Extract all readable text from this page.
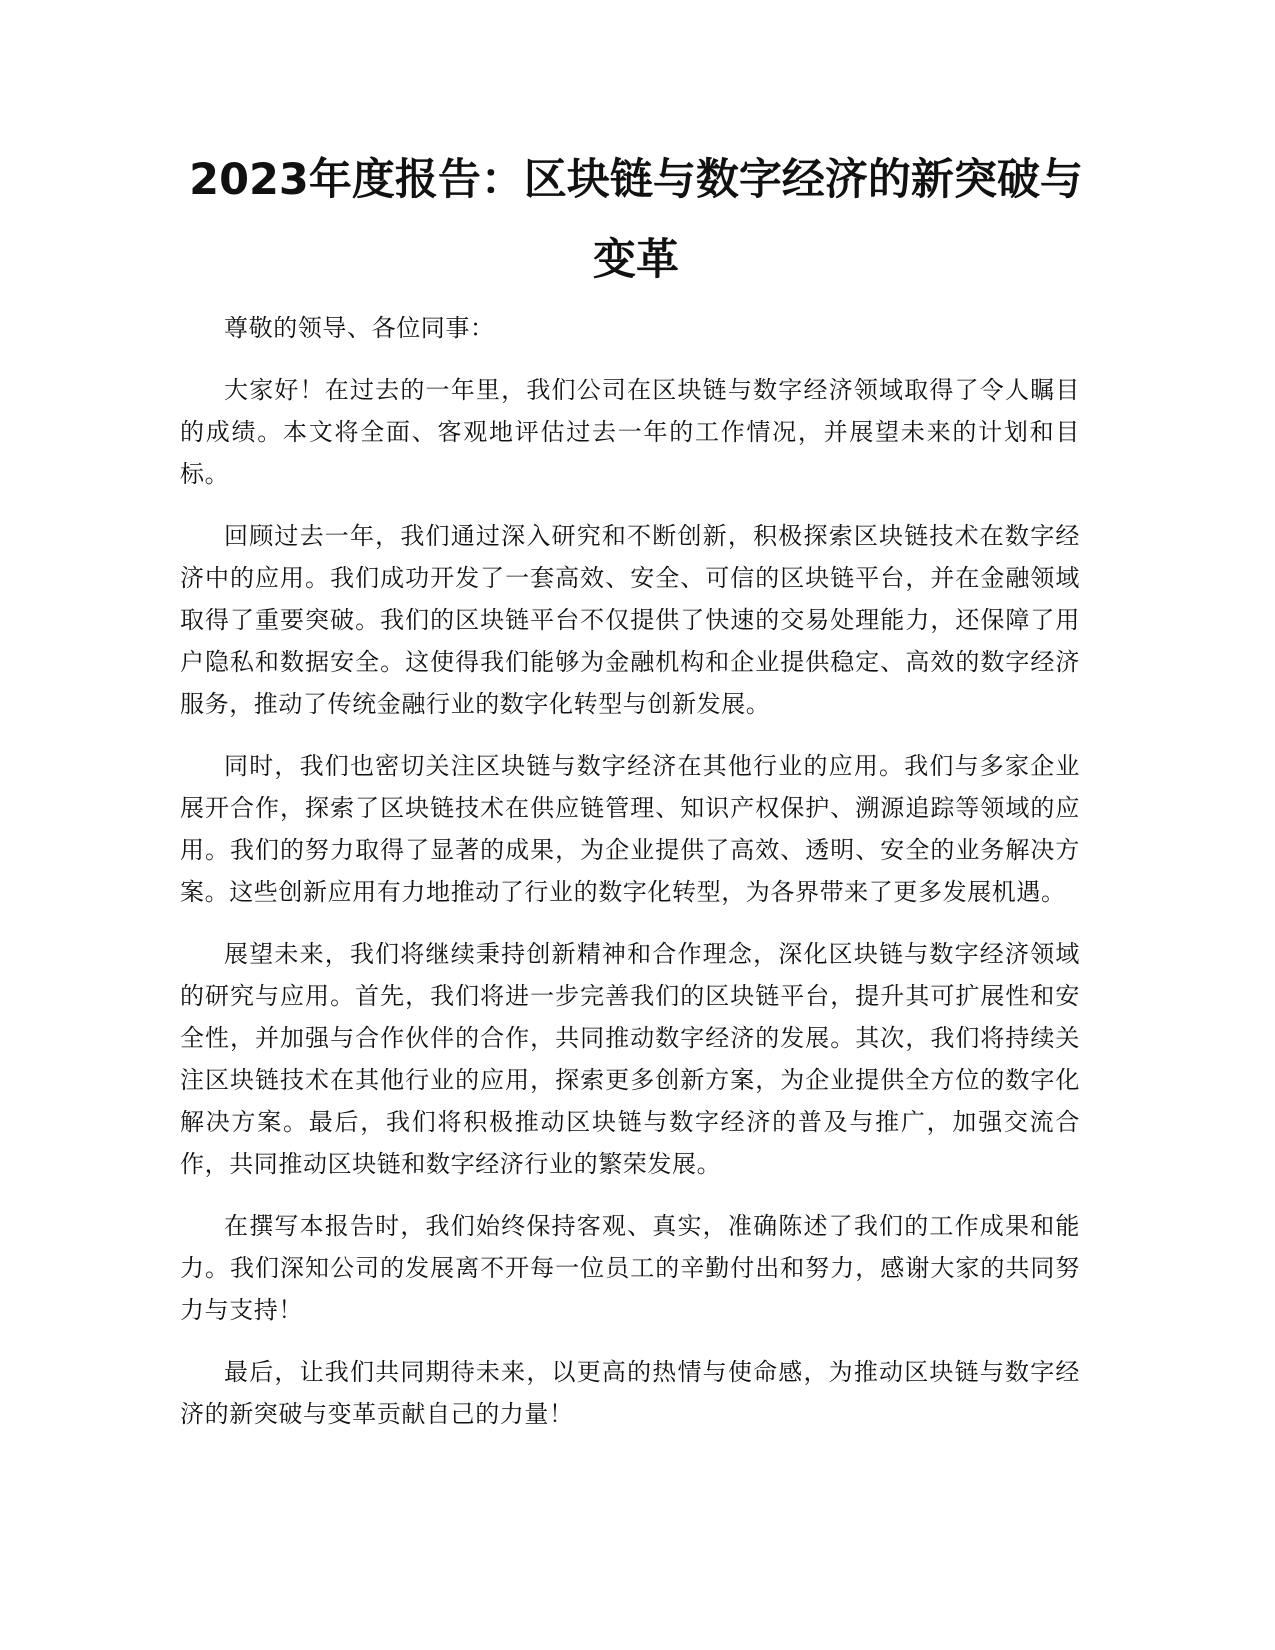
2023年度报告：区块链与数字经济的新突破与变革

尊敬的领导、各位同事：

大家好！在过去的一年里，我们公司在区块链与数字经济领域取得了令人瞩目的成绩。本文将全面、客观地评估过去一年的工作情况，并展望未来的计划和目标。

回顾过去一年，我们通过深入研究和不断创新，积极探索区块链技术在数字经济中的应用。我们成功开发了一套高效、安全、可信的区块链平台，并在金融领域取得了重要突破。我们的区块链平台不仅提供了快速的交易处理能力，还保障了用户隐私和数据安全。这使得我们能够为金融机构和企业提供稳定、高效的数字经济服务，推动了传统金融行业的数字化转型与创新发展。

同时，我们也密切关注区块链与数字经济在其他行业的应用。我们与多家企业展开合作，探索了区块链技术在供应链管理、知识产权保护、溯源追踪等领域的应用。我们的努力取得了显著的成果，为企业提供了高效、透明、安全的业务解决方案。这些创新应用有力地推动了行业的数字化转型，为各界带来了更多发展机遇。

展望未来，我们将继续秉持创新精神和合作理念，深化区块链与数字经济领域的研究与应用。首先，我们将进一步完善我们的区块链平台，提升其可扩展性和安全性，并加强与合作伙伴的合作，共同推动数字经济的发展。其次，我们将持续关注区块链技术在其他行业的应用，探索更多创新方案，为企业提供全方位的数字化解决方案。最后，我们将积极推动区块链与数字经济的普及与推广，加强交流合作，共同推动区块链和数字经济行业的繁荣发展。

在撰写本报告时，我们始终保持客观、真实，准确陈述了我们的工作成果和能力。我们深知公司的发展离不开每一位员工的辛勤付出和努力，感谢大家的共同努力与支持！

最后，让我们共同期待未来，以更高的热情与使命感，为推动区块链与数字经济的新突破与变革贡献自己的力量！
